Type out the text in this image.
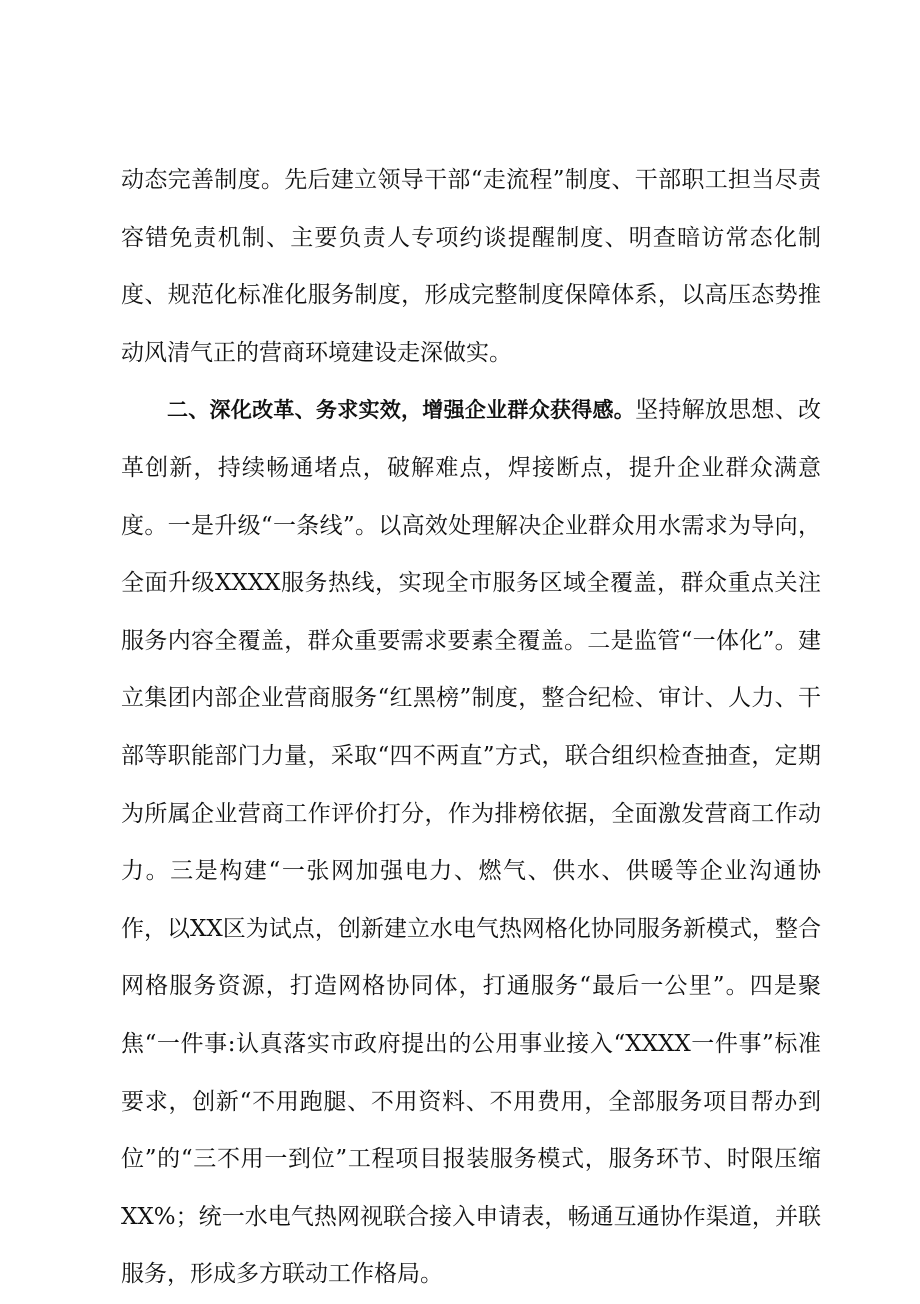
动态完善制度。先后建立领导干部“走流程”制度、干部职工担当尽责容错免责机制、主要负责人专项约谈提醒制度、明查暗访常态化制度、规范化标准化服务制度，形成完整制度保障体系，以高压态势推动风清气正的营商环境建设走深做实。

二、深化改革、务求实效，增强企业群众获得感。坚持解放思想、改革创新，持续畅通堵点，破解难点，焊接断点，提升企业群众满意度。一是升级“一条线”。以高效处理解决企业群众用水需求为导向，全面升级XXXX服务热线，实现全市服务区域全覆盖，群众重点关注服务内容全覆盖，群众重要需求要素全覆盖。二是监管“一体化”。建立集团内部企业营商服务“红黑榜”制度，整合纪检、审计、人力、干部等职能部门力量，采取“四不两直”方式，联合组织检查抽查，定期为所属企业营商工作评价打分，作为排榜依据，全面激发营商工作动力。三是构建“一张网加强电力、燃气、供水、供暖等企业沟通协作，以XX区为试点，创新建立水电气热网格化协同服务新模式，整合网格服务资源，打造网格协同体，打通服务“最后一公里”。四是聚焦“一件事:认真落实市政府提出的公用事业接入“XXXX一件事”标准要求，创新“不用跑腿、不用资料、不用费用，全部服务项目帮办到位”的“三不用一到位”工程项目报装服务模式，服务环节、时限压缩XX%；统一水电气热网视联合接入申请表，畅通互通协作渠道，并联服务，形成多方联动工作格局。
